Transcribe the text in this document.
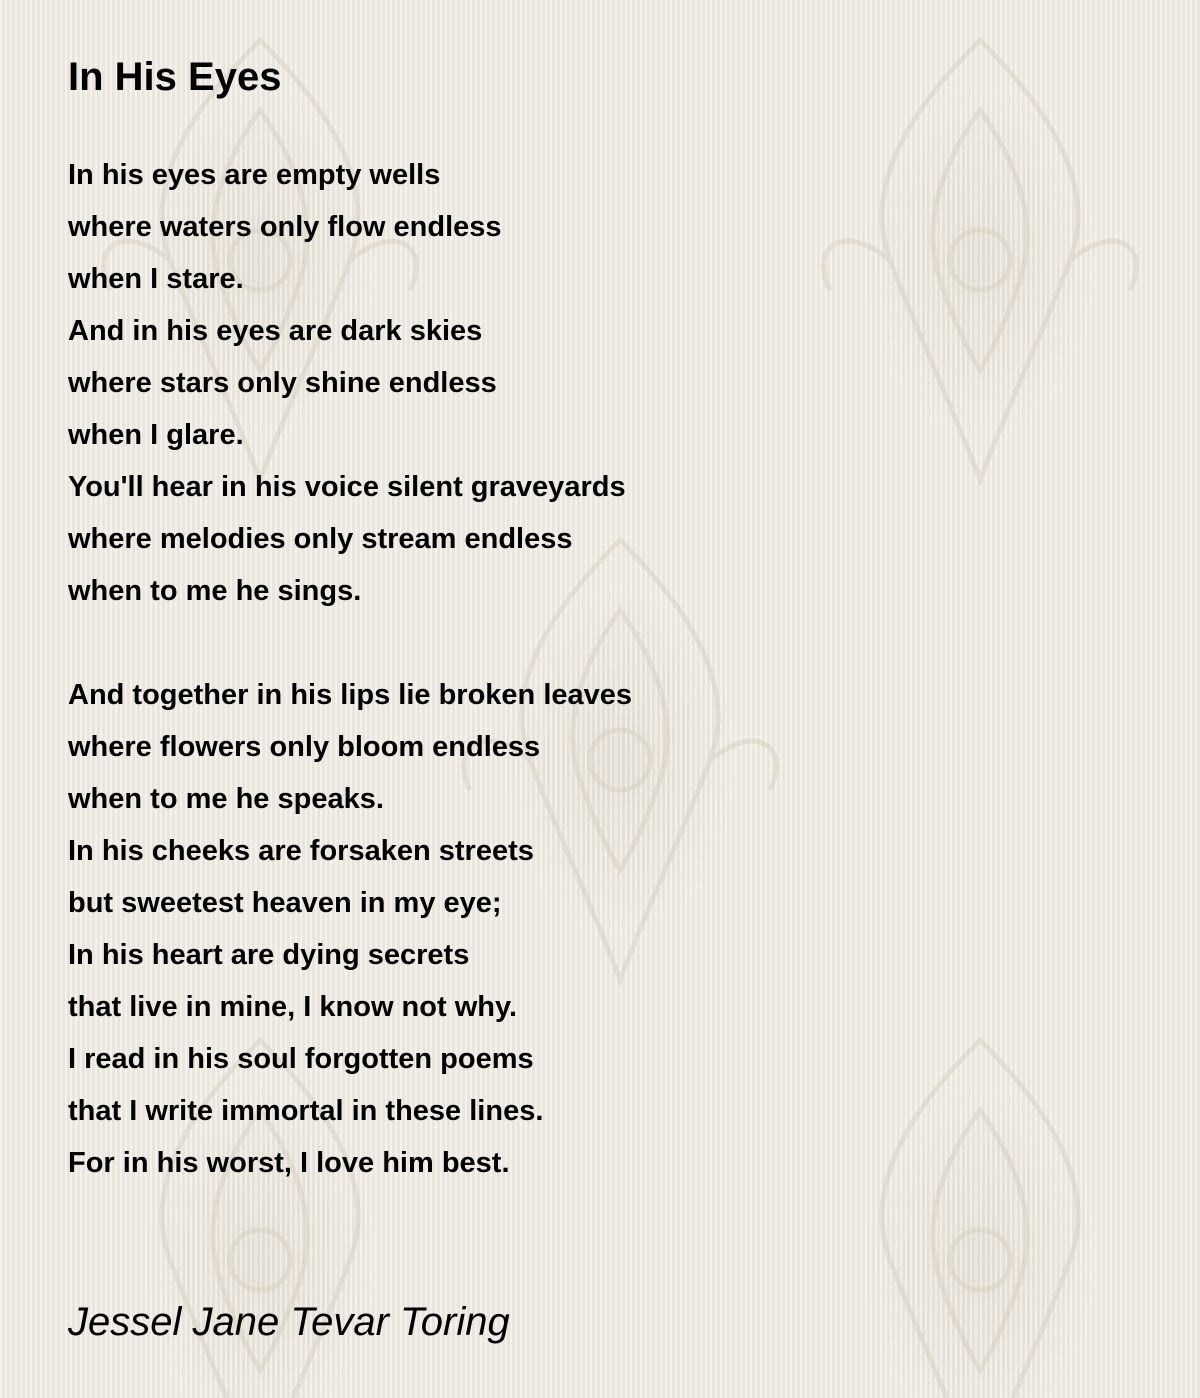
In His Eyes
In his eyes are empty wells
where waters only flow endless
when I stare.
And in his eyes are dark skies
where stars only shine endless
when I glare.
You'll hear in his voice silent graveyards
where melodies only stream endless
when to me he sings.
And together in his lips lie broken leaves
where flowers only bloom endless
when to me he speaks.
In his cheeks are forsaken streets
but sweetest heaven in my eye;
In his heart are dying secrets
that live in mine, I know not why.
I read in his soul forgotten poems
that I write immortal in these lines.
For in his worst, I love him best.
Jessel Jane Tevar Toring
